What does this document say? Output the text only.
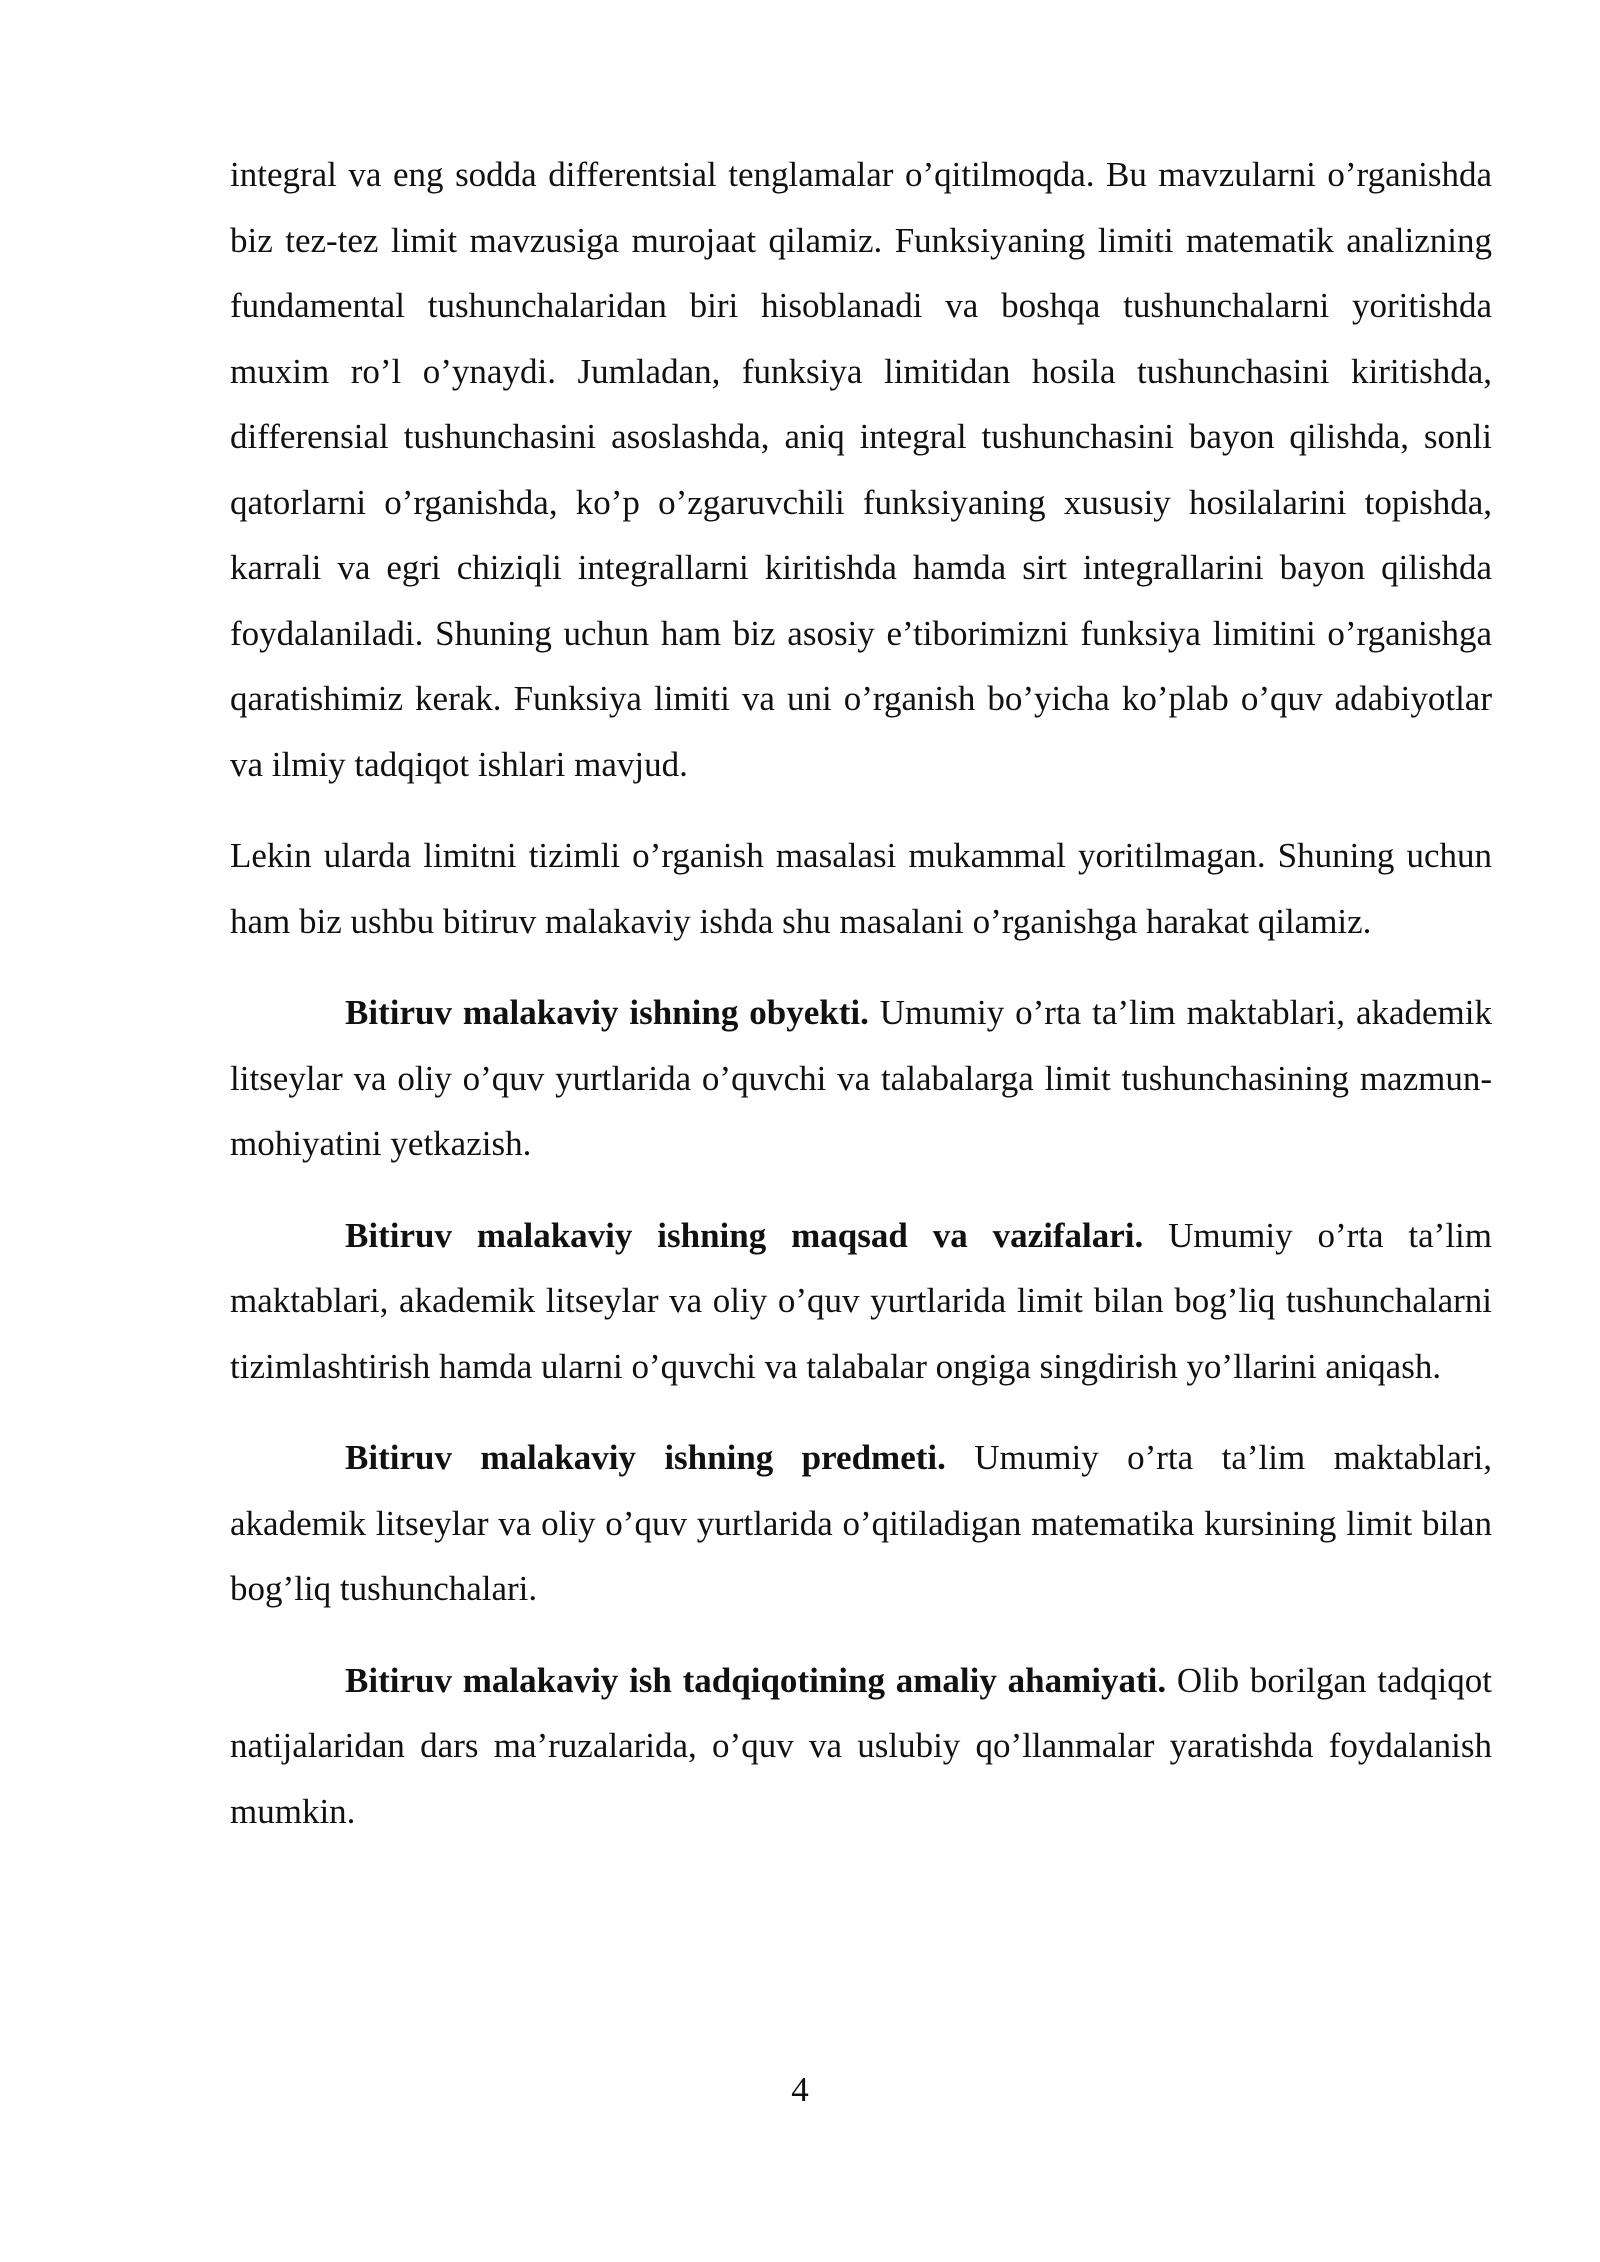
integral va eng sodda differentsial tenglamalar o’qitilmoqda. Bu mavzularni o’rganishda biz tez-tez limit mavzusiga murojaat qilamiz. Funksiyaning limiti matematik analizning fundamental tushunchalaridan biri hisoblanadi va boshqa tushunchalarni yoritishda muxim ro’l o’ynaydi. Jumladan, funksiya limitidan hosila tushunchasini kiritishda, differensial tushunchasini asoslashda, aniq integral tushunchasini bayon qilishda, sonli qatorlarni o’rganishda, ko’p o’zgaruvchili funksiyaning xususiy hosilalarini topishda, karrali va egri chiziqli integrallarni kiritishda hamda sirt integrallarini bayon qilishda foydalaniladi. Shuning uchun ham biz asosiy e’tiborimizni funksiya limitini o’rganishga qaratishimiz kerak. Funksiya limiti va uni o’rganish bo’yicha ko’plab o’quv adabiyotlar va ilmiy tadqiqot ishlari mavjud.

Lekin ularda limitni tizimli o’rganish masalasi mukammal yoritilmagan. Shuning uchun ham biz ushbu bitiruv malakaviy ishda shu masalani o’rganishga harakat qilamiz.

Bitiruv malakaviy ishning obyekti. Umumiy o’rta ta’lim maktablari, akademik litseylar va oliy o’quv yurtlarida o’quvchi va talabalarga limit tushunchasining mazmun-mohiyatini yetkazish.

Bitiruv malakaviy ishning maqsad va vazifalari. Umumiy o’rta ta’lim maktablari, akademik litseylar va oliy o’quv yurtlarida limit bilan bog’liq tushunchalarni tizimlashtirish hamda ularni o’quvchi va talabalar ongiga singdirish yo’llarini aniqash.

Bitiruv malakaviy ishning predmeti. Umumiy o’rta ta’lim maktablari, akademik litseylar va oliy o’quv yurtlarida o’qitiladigan matematika kursining limit bilan bog’liq tushunchalari.

Bitiruv malakaviy ish tadqiqotining amaliy ahamiyati. Olib borilgan tadqiqot natijalaridan dars ma’ruzalarida, o’quv va uslubiy qo’llanmalar yaratishda foydalanish mumkin.

4
